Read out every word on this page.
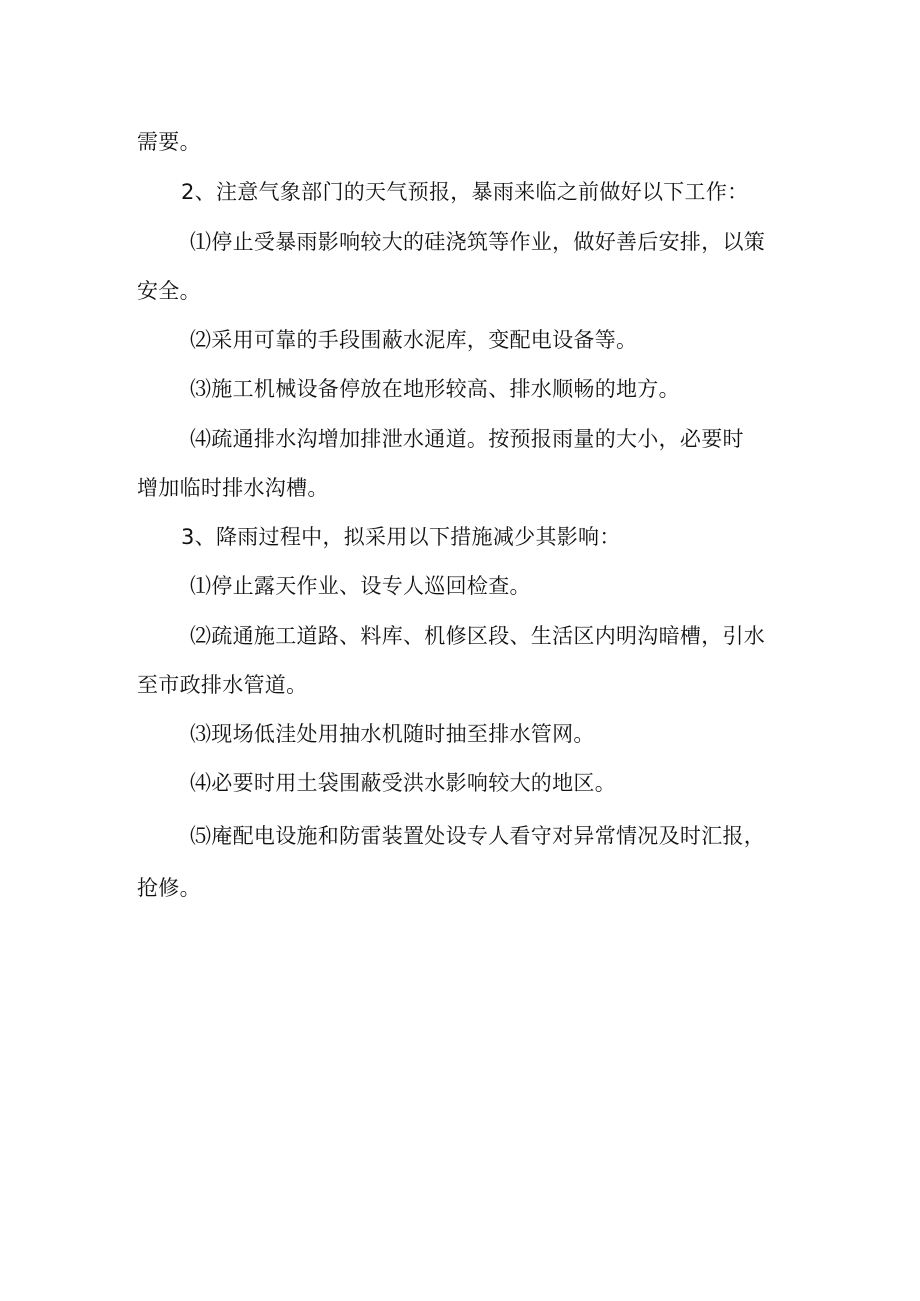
需要。
2、注意气象部门的天气预报，暴雨来临之前做好以下工作：
⑴停止受暴雨影响较大的硅浇筑等作业，做好善后安排，以策
安全。
⑵采用可靠的手段围蔽水泥库，变配电设备等。
⑶施工机械设备停放在地形较高、排水顺畅的地方。
⑷疏通排水沟增加排泄水通道。按预报雨量的大小，必要时
增加临时排水沟槽。
3、降雨过程中，拟采用以下措施减少其影响：
⑴停止露天作业、设专人巡回检查。
⑵疏通施工道路、料库、机修区段、生活区内明沟暗槽，引水
至市政排水管道。
⑶现场低洼处用抽水机随时抽至排水管网。
⑷必要时用土袋围蔽受洪水影响较大的地区。
⑸庵配电设施和防雷装置处设专人看守对异常情况及时汇报，
抢修。
